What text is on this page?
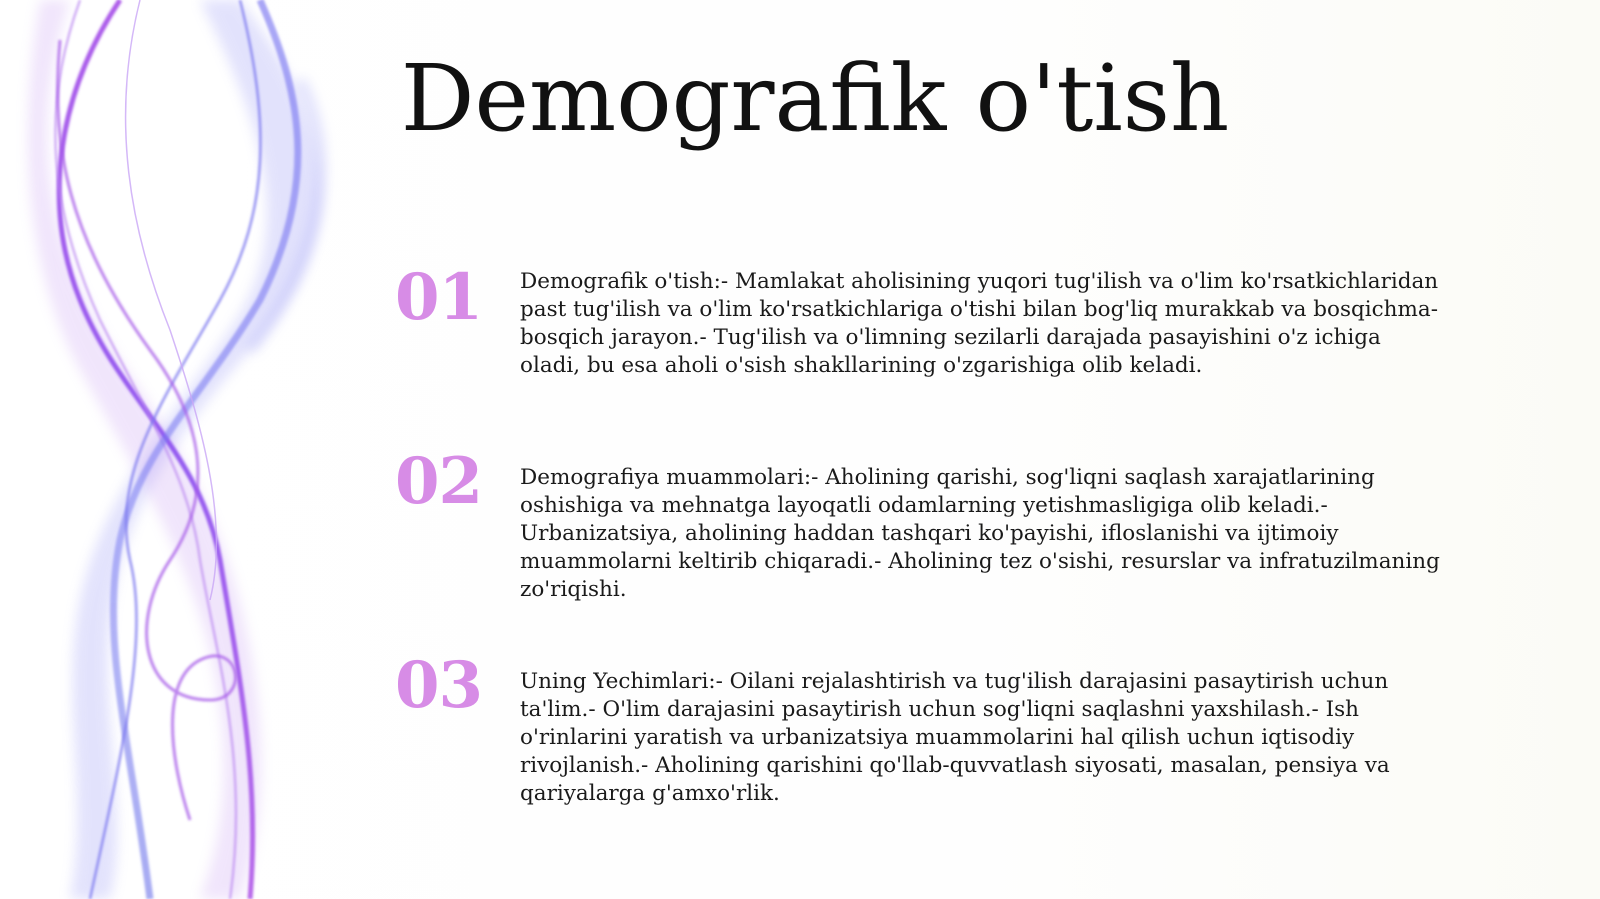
Demografik o'tish
01 Demografik o'tish:- Mamlakat aholisining yuqori tug'ilish va o'lim ko'rsatkichlaridan past tug'ilish va o'lim ko'rsatkichlariga o'tishi bilan bog'liq murakkab va bosqichma-bosqich jarayon.- Tug'ilish va o'limning sezilarli darajada pasayishini o'z ichiga oladi, bu esa aholi o'sish shakllarining o'zgarishiga olib keladi.
02 Demografiya muammolari:- Aholining qarishi, sog'liqni saqlash xarajatlarining oshishiga va mehnatga layoqatli odamlarning yetishmasligiga olib keladi.- Urbanizatsiya, aholining haddan tashqari ko'payishi, ifloslanishi va ijtimoiy muammolarni keltirib chiqaradi.- Aholining tez o'sishi, resurslar va infratuzilmaning zo'riqishi.
03 Uning Yechimlari:- Oilani rejalashtirish va tug'ilish darajasini pasaytirish uchun ta'lim.- O'lim darajasini pasaytirish uchun sog'liqni saqlashni yaxshilash.- Ish o'rinlarini yaratish va urbanizatsiya muammolarini hal qilish uchun iqtisodiy rivojlanish.- Aholining qarishini qo'llab-quvvatlash siyosati, masalan, pensiya va qariyalarga g'amxo'rlik.
